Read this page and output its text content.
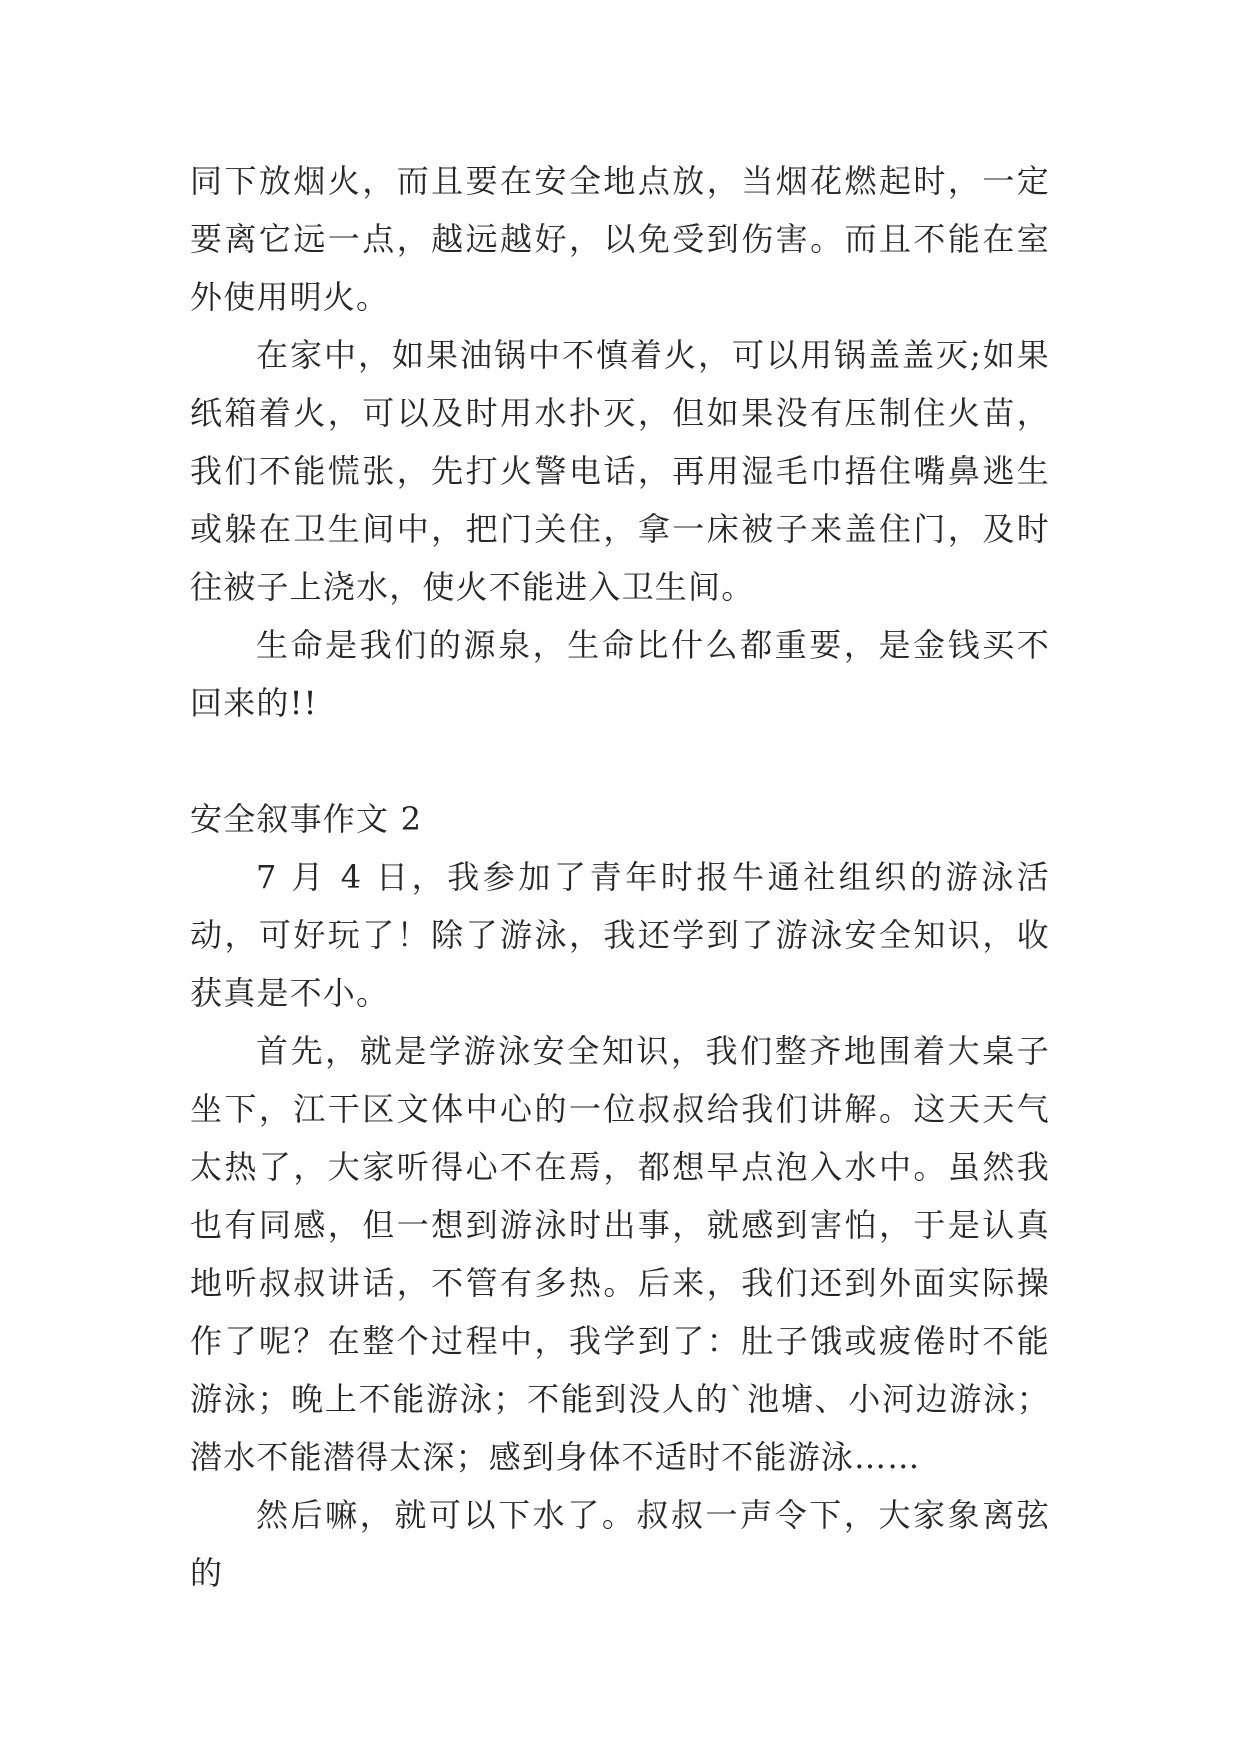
同下放烟火，而且要在安全地点放，当烟花燃起时，一定要离它远一点，越远越好，以免受到伤害。而且不能在室外使用明火。

在家中，如果油锅中不慎着火，可以用锅盖盖灭;如果纸箱着火，可以及时用水扑灭，但如果没有压制住火苗，我们不能慌张，先打火警电话，再用湿毛巾捂住嘴鼻逃生或躲在卫生间中，把门关住，拿一床被子来盖住门，及时往被子上浇水，使火不能进入卫生间。

生命是我们的源泉，生命比什么都重要，是金钱买不回来的!!

安全叙事作文 2

7 月 4 日，我参加了青年时报牛通社组织的游泳活动，可好玩了！除了游泳，我还学到了游泳安全知识，收获真是不小。

首先，就是学游泳安全知识，我们整齐地围着大桌子坐下，江干区文体中心的一位叔叔给我们讲解。这天天气太热了，大家听得心不在焉，都想早点泡入水中。虽然我也有同感，但一想到游泳时出事，就感到害怕，于是认真地听叔叔讲话，不管有多热。后来，我们还到外面实际操作了呢？在整个过程中，我学到了：肚子饿或疲倦时不能游泳；晚上不能游泳；不能到没人的`池塘、小河边游泳；潜水不能潜得太深；感到身体不适时不能游泳……

然后嘛，就可以下水了。叔叔一声令下，大家象离弦的
